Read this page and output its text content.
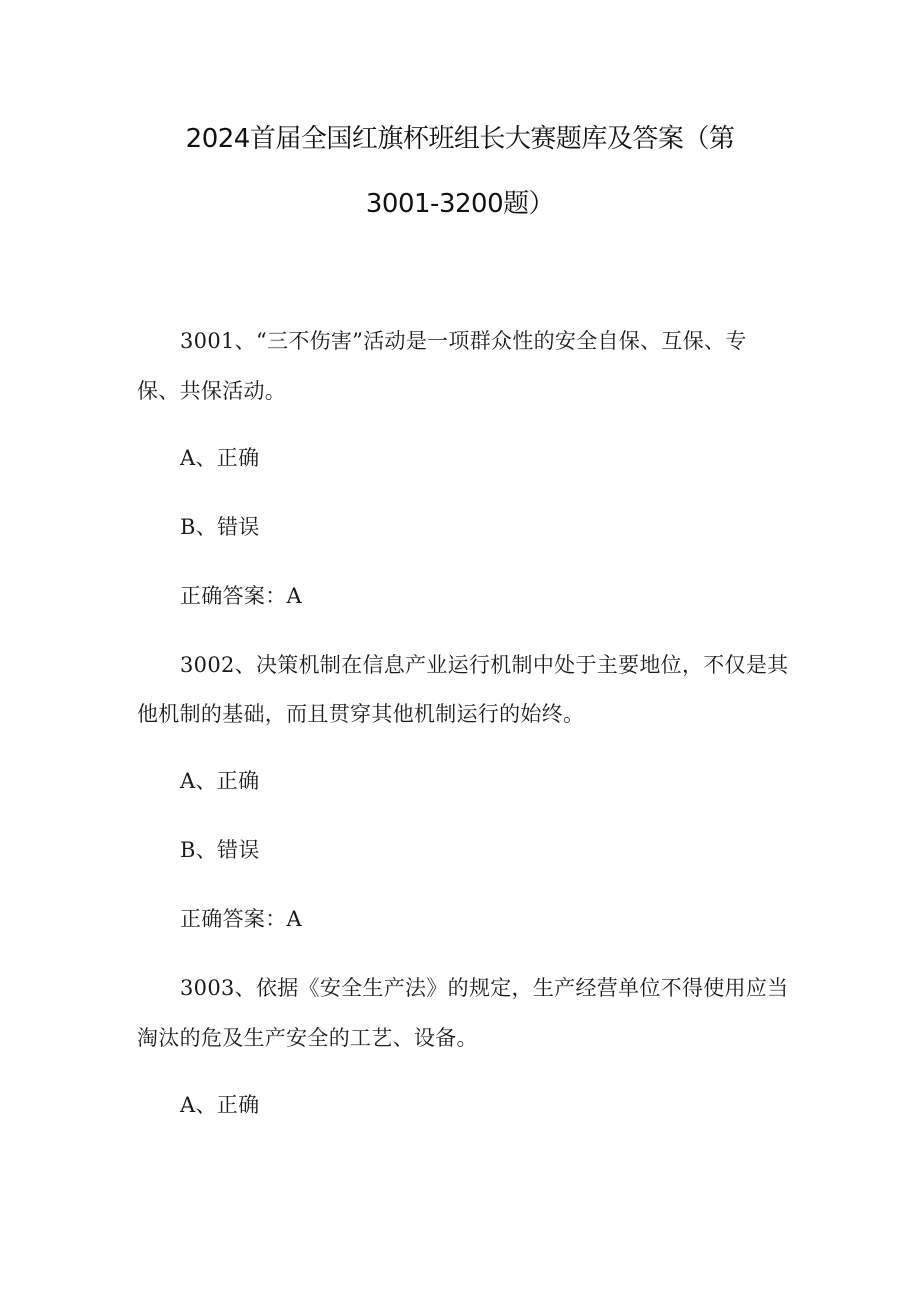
2024首届全国红旗杯班组长大赛题库及答案（第
3001-3200题）
3001、“三不伤害”活动是一项群众性的安全自保、互保、专
保、共保活动。
A、正确
B、错误
正确答案：A
3002、决策机制在信息产业运行机制中处于主要地位，不仅是其
他机制的基础，而且贯穿其他机制运行的始终。
A、正确
B、错误
正确答案：A
3003、依据《安全生产法》的规定，生产经营单位不得使用应当
淘汰的危及生产安全的工艺、设备。
A、正确
